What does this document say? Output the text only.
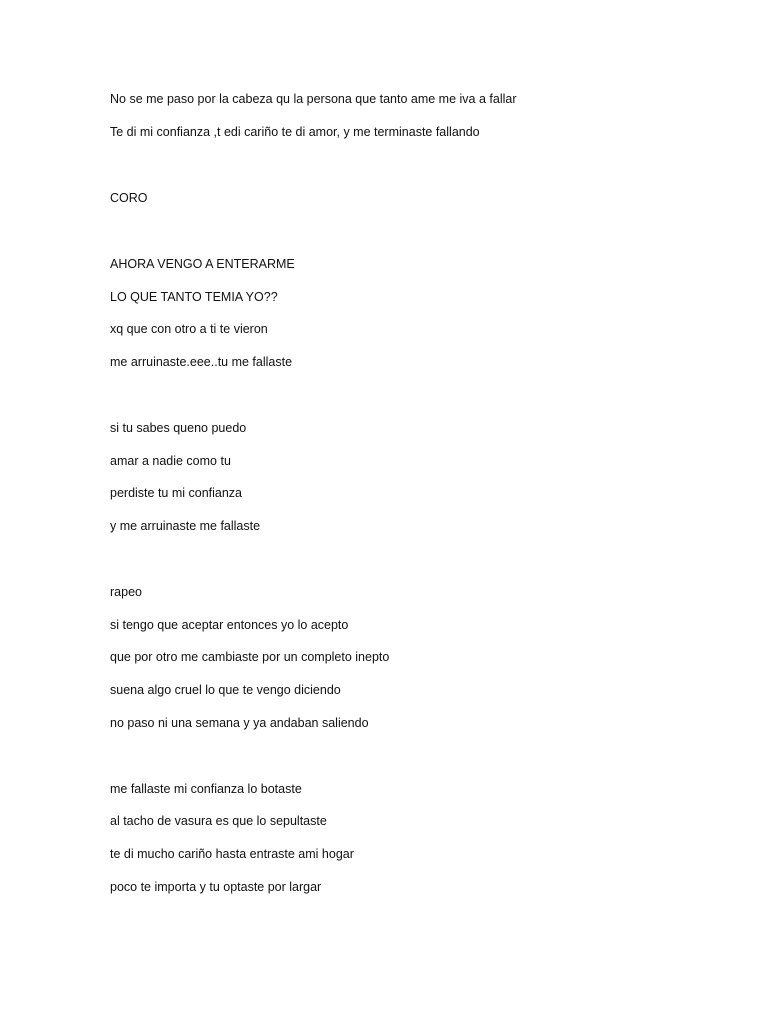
No se me paso por la cabeza qu la persona que tanto ame me iva a fallar
Te di mi confianza ,t edi cariño te di amor, y me terminaste fallando
CORO
AHORA VENGO A ENTERARME
LO QUE TANTO TEMIA YO??
xq que con otro a ti te vieron
me arruinaste.eee..tu me fallaste
si tu sabes queno puedo
amar a nadie como tu
perdiste tu mi confianza
y me arruinaste me fallaste
rapeo
si tengo que aceptar entonces yo lo acepto
que por otro me cambiaste por un completo inepto
suena algo cruel lo que te vengo diciendo
no paso ni una semana y ya andaban saliendo
me fallaste mi confianza lo botaste
al tacho de vasura es que lo sepultaste
te di mucho cariño hasta entraste ami hogar
poco te importa y tu optaste por largar
